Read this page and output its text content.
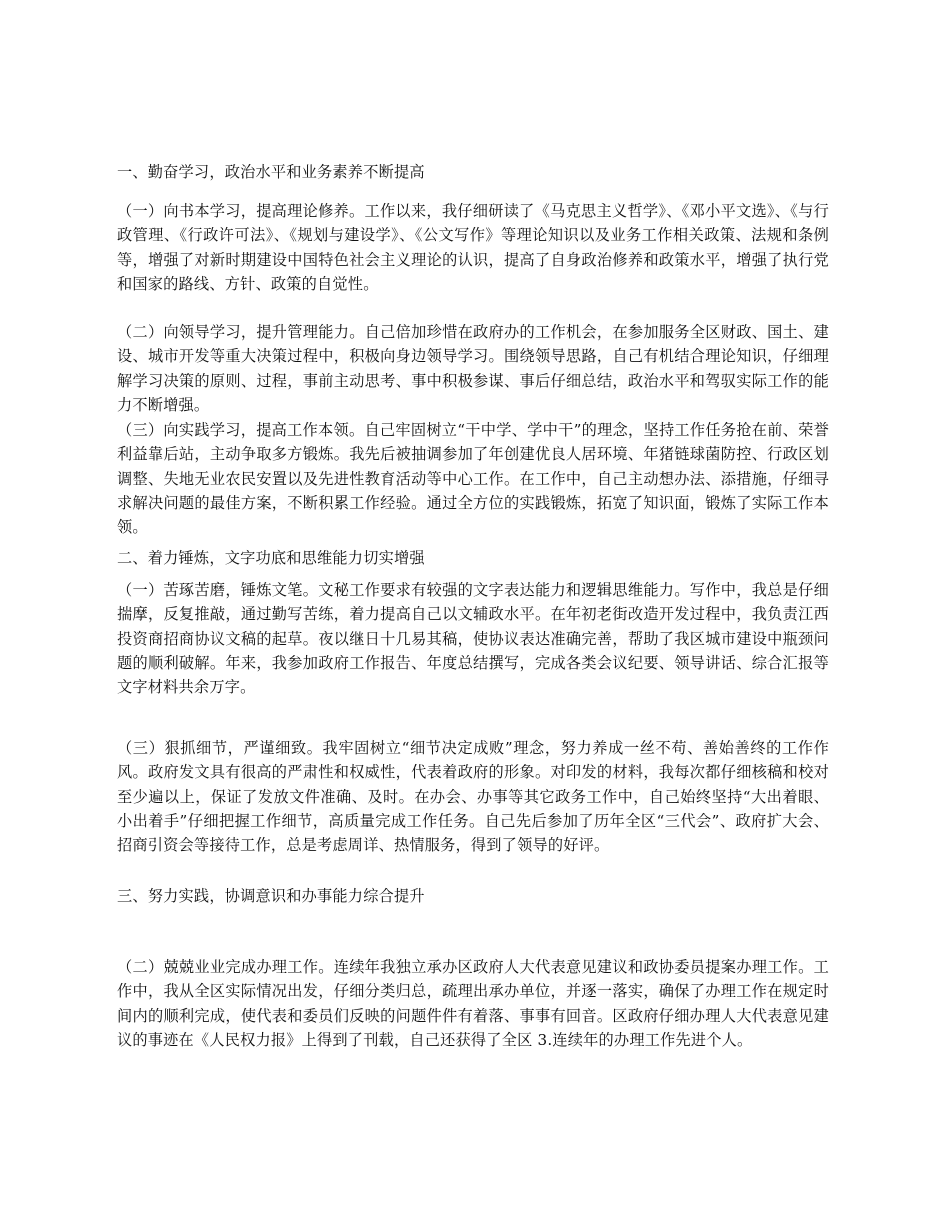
一、勤奋学习，政治水平和业务素养不断提高

（一）向书本学习，提高理论修养。工作以来，我仔细研读了《马克思主义哲学》、《邓小平文选》、《与行政管理、《行政许可法》、《规划与建设学》、《公文写作》等理论知识以及业务工作相关政策、法规和条例等，增强了对新时期建设中国特色社会主义理论的认识，提高了自身政治修养和政策水平，增强了执行党和国家的路线、方针、政策的自觉性。

（二）向领导学习，提升管理能力。自己倍加珍惜在政府办的工作机会，在参加服务全区财政、国土、建设、城市开发等重大决策过程中，积极向身边领导学习。围绕领导思路，自己有机结合理论知识，仔细理解学习决策的原则、过程，事前主动思考、事中积极参谋、事后仔细总结，政治水平和驾驭实际工作的能力不断增强。

（三）向实践学习，提高工作本领。自己牢固树立“干中学、学中干”的理念，坚持工作任务抢在前、荣誉利益靠后站，主动争取多方锻炼。我先后被抽调参加了年创建优良人居环境、年猪链球菌防控、行政区划调整、失地无业农民安置以及先进性教育活动等中心工作。在工作中，自己主动想办法、添措施，仔细寻求解决问题的最佳方案，不断积累工作经验。通过全方位的实践锻炼，拓宽了知识面，锻炼了实际工作本领。

二、着力锤炼，文字功底和思维能力切实增强

（一）苦琢苦磨，锤炼文笔。文秘工作要求有较强的文字表达能力和逻辑思维能力。写作中，我总是仔细揣摩，反复推敲，通过勤写苦练，着力提高自己以文辅政水平。在年初老街改造开发过程中，我负责江西投资商招商协议文稿的起草。夜以继日十几易其稿，使协议表达准确完善，帮助了我区城市建设中瓶颈问题的顺利破解。年来，我参加政府工作报告、年度总结撰写，完成各类会议纪要、领导讲话、综合汇报等文字材料共余万字。

（三）狠抓细节，严谨细致。我牢固树立“细节决定成败”理念，努力养成一丝不苟、善始善终的工作作风。政府发文具有很高的严肃性和权威性，代表着政府的形象。对印发的材料，我每次都仔细核稿和校对至少遍以上，保证了发放文件准确、及时。在办会、办事等其它政务工作中，自己始终坚持“大出着眼、小出着手”仔细把握工作细节，高质量完成工作任务。自己先后参加了历年全区“三代会”、政府扩大会、招商引资会等接待工作，总是考虑周详、热情服务，得到了领导的好评。

三、努力实践，协调意识和办事能力综合提升

（二）兢兢业业完成办理工作。连续年我独立承办区政府人大代表意见建议和政协委员提案办理工作。工作中，我从全区实际情况出发，仔细分类归总，疏理出承办单位，并逐一落实，确保了办理工作在规定时间内的顺利完成，使代表和委员们反映的问题件件有着落、事事有回音。区政府仔细办理人大代表意见建议的事迹在《人民权力报》上得到了刊载，自己还获得了全区 3.连续年的办理工作先进个人。
